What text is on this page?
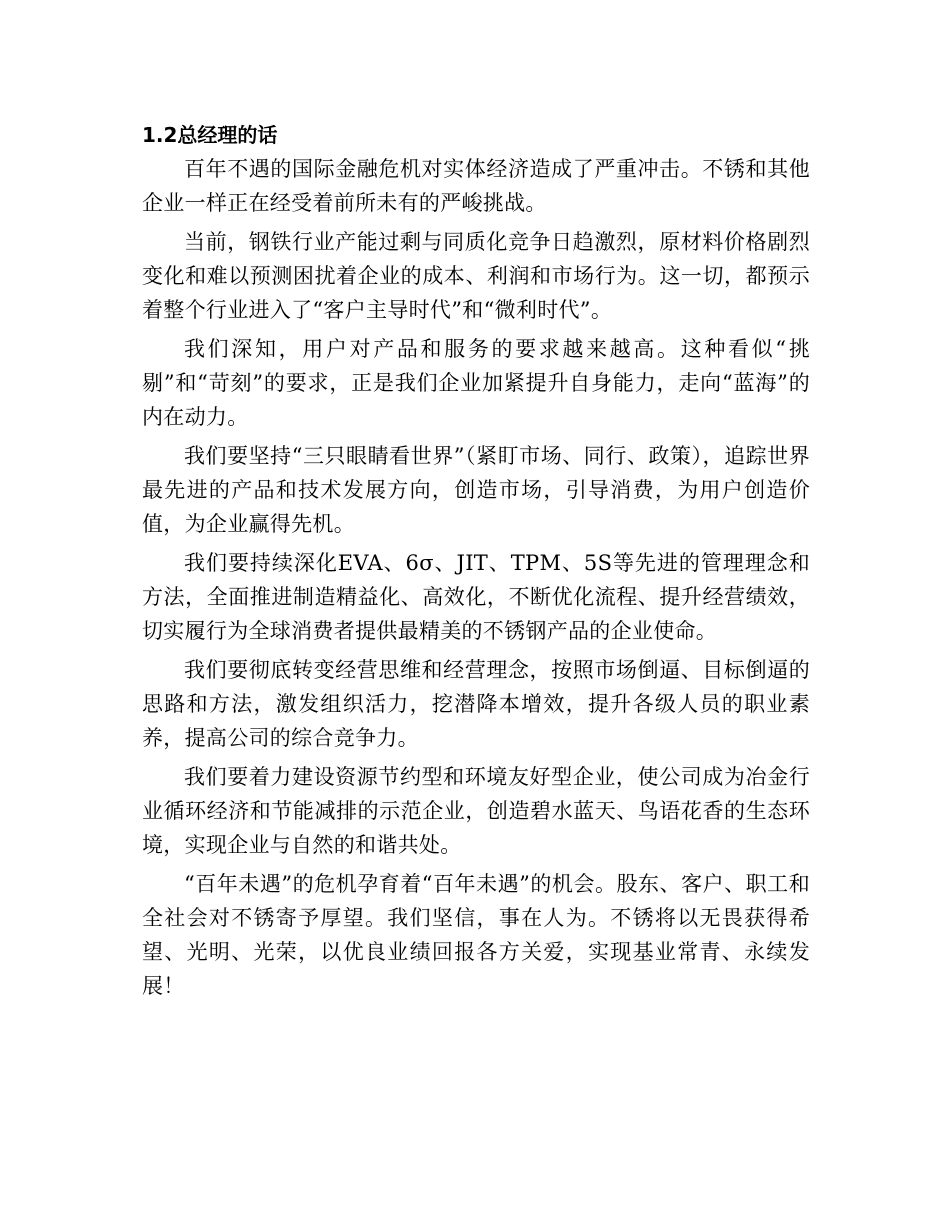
1.2总经理的话

百年不遇的国际金融危机对实体经济造成了严重冲击。不锈和其他企业一样正在经受着前所未有的严峻挑战。

当前，钢铁行业产能过剩与同质化竞争日趋激烈，原材料价格剧烈变化和难以预测困扰着企业的成本、利润和市场行为。这一切，都预示着整个行业进入了“客户主导时代”和“微利时代”。

我们深知，用户对产品和服务的要求越来越高。这种看似“挑剔”和“苛刻”的要求，正是我们企业加紧提升自身能力，走向“蓝海”的内在动力。

我们要坚持“三只眼睛看世界”（紧盯市场、同行、政策），追踪世界最先进的产品和技术发展方向，创造市场，引导消费，为用户创造价值，为企业赢得先机。

我们要持续深化EVA、6σ、JIT、TPM、5S等先进的管理理念和方法，全面推进制造精益化、高效化，不断优化流程、提升经营绩效，切实履行为全球消费者提供最精美的不锈钢产品的企业使命。

我们要彻底转变经营思维和经营理念，按照市场倒逼、目标倒逼的思路和方法，激发组织活力，挖潜降本增效，提升各级人员的职业素养，提高公司的综合竞争力。

我们要着力建设资源节约型和环境友好型企业，使公司成为冶金行业循环经济和节能减排的示范企业，创造碧水蓝天、鸟语花香的生态环境，实现企业与自然的和谐共处。

“百年未遇”的危机孕育着“百年未遇”的机会。股东、客户、职工和全社会对不锈寄予厚望。我们坚信，事在人为。不锈将以无畏获得希望、光明、光荣，以优良业绩回报各方关爱，实现基业常青、永续发展！
